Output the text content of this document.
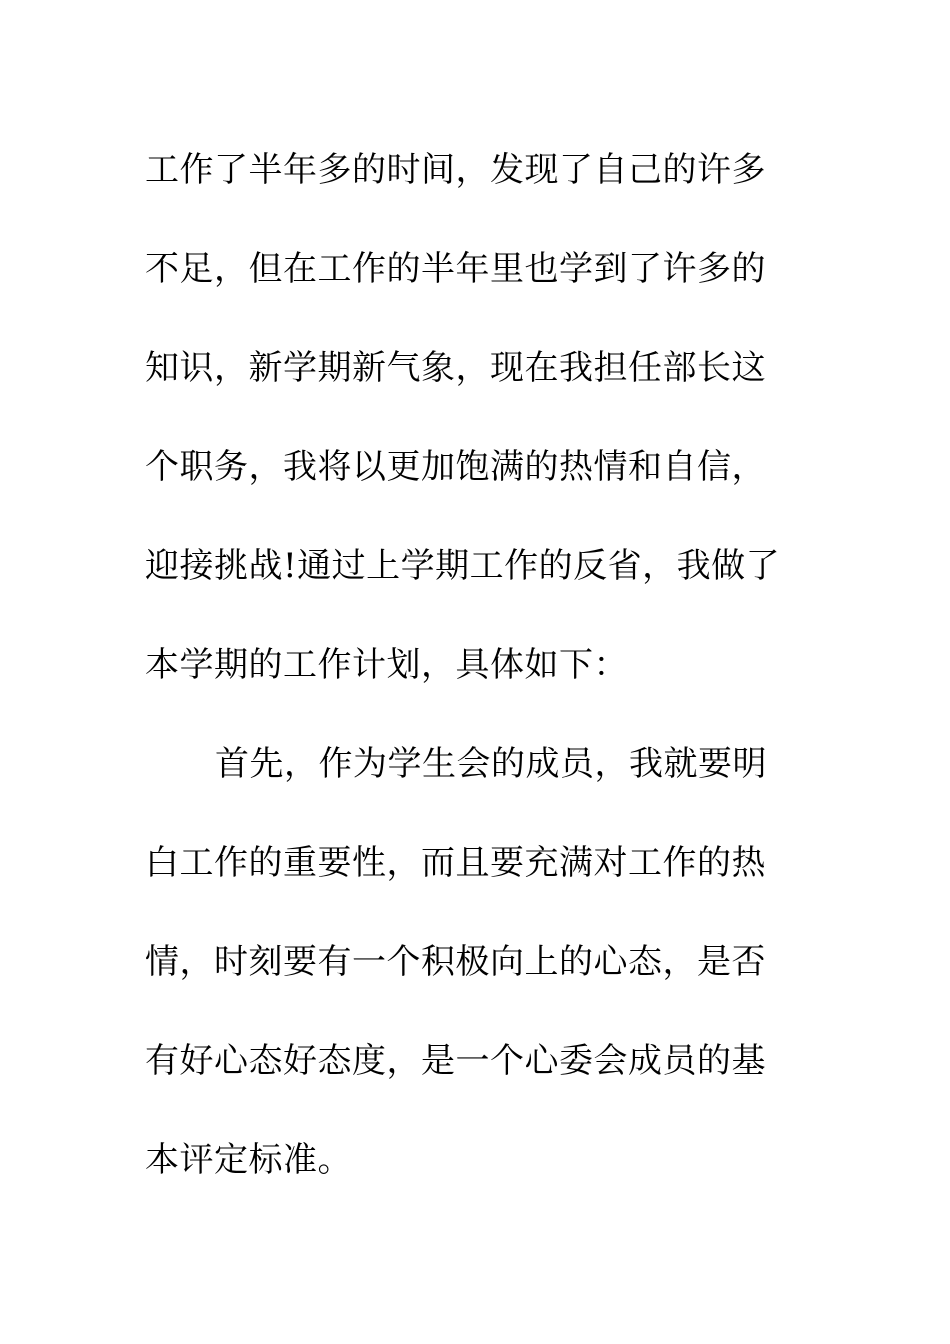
工作了半年多的时间，发现了自己的许多
不足，但在工作的半年里也学到了许多的
知识，新学期新气象，现在我担任部长这
个职务，我将以更加饱满的热情和自信，
迎接挑战!通过上学期工作的反省，我做了
本学期的工作计划，具体如下：
首先，作为学生会的成员，我就要明
白工作的重要性，而且要充满对工作的热
情，时刻要有一个积极向上的心态，是否
有好心态好态度，是一个心委会成员的基
本评定标准。
